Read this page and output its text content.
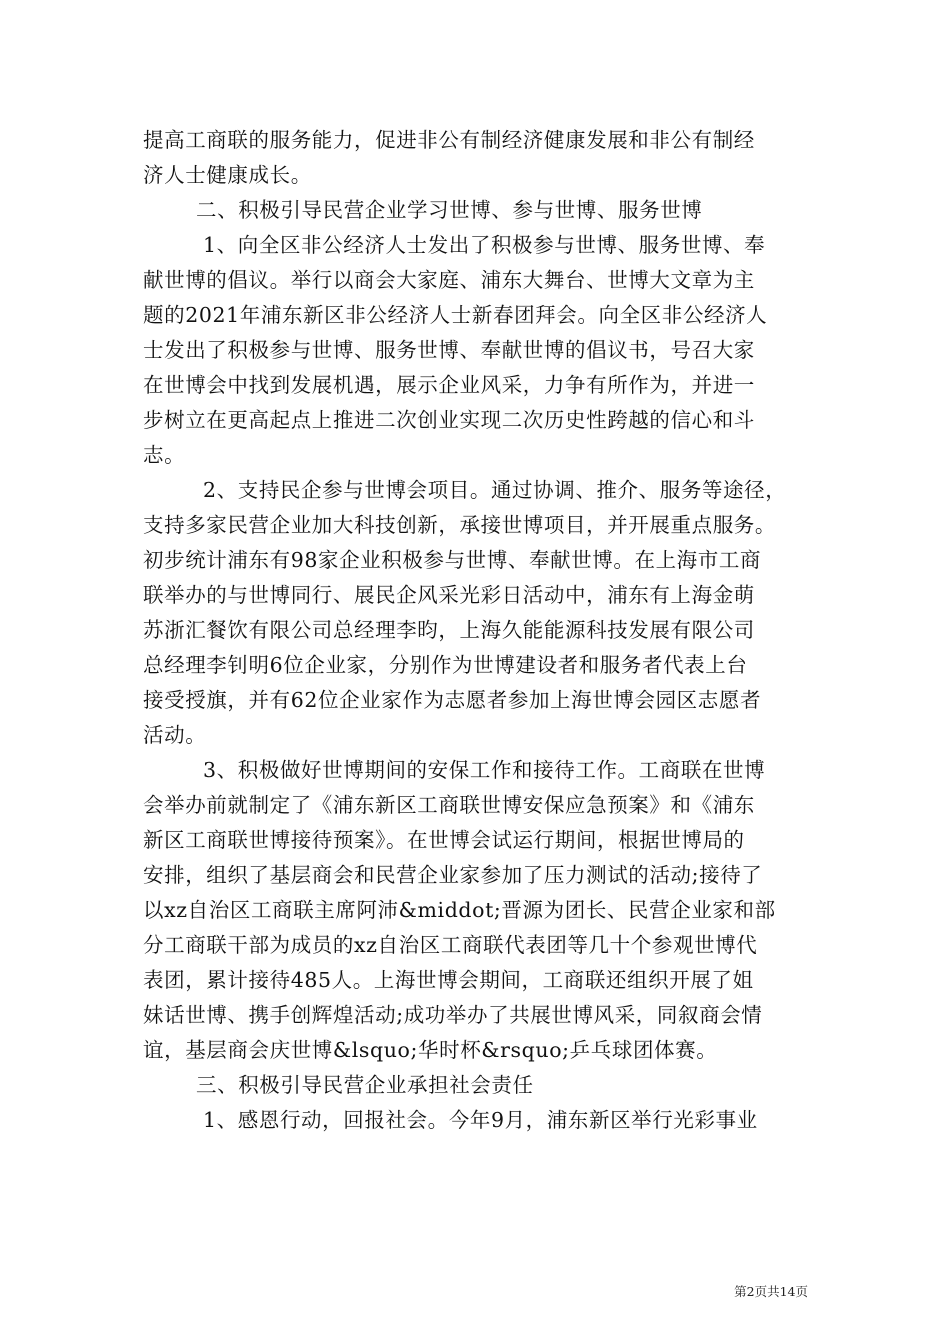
提高工商联的服务能力，促进非公有制经济健康发展和非公有制经
济人士健康成长。
二、积极引导民营企业学习世博、参与世博、服务世博
1、向全区非公经济人士发出了积极参与世博、服务世博、奉
献世博的倡议。举行以商会大家庭、浦东大舞台、世博大文章为主
题的2021年浦东新区非公经济人士新春团拜会。向全区非公经济人
士发出了积极参与世博、服务世博、奉献世博的倡议书，号召大家
在世博会中找到发展机遇，展示企业风采，力争有所作为，并进一
步树立在更高起点上推进二次创业实现二次历史性跨越的信心和斗
志。
2、支持民企参与世博会项目。通过协调、推介、服务等途径，
支持多家民营企业加大科技创新，承接世博项目，并开展重点服务。
初步统计浦东有98家企业积极参与世博、奉献世博。在上海市工商
联举办的与世博同行、展民企风采光彩日活动中，浦东有上海金萌
苏浙汇餐饮有限公司总经理李昀，上海久能能源科技发展有限公司
总经理李钊明6位企业家，分别作为世博建设者和服务者代表上台
接受授旗，并有62位企业家作为志愿者参加上海世博会园区志愿者
活动。
3、积极做好世博期间的安保工作和接待工作。工商联在世博
会举办前就制定了《浦东新区工商联世博安保应急预案》和《浦东
新区工商联世博接待预案》。在世博会试运行期间，根据世博局的
安排，组织了基层商会和民营企业家参加了压力测试的活动;接待了
以xz自治区工商联主席阿沛&middot;晋源为团长、民营企业家和部
分工商联干部为成员的xz自治区工商联代表团等几十个参观世博代
表团，累计接待485人。上海世博会期间，工商联还组织开展了姐
妹话世博、携手创辉煌活动;成功举办了共展世博风采，同叙商会情
谊，基层商会庆世博&lsquo;华时杯&rsquo;乒乓球团体赛。
三、积极引导民营企业承担社会责任
1、感恩行动，回报社会。今年9月，浦东新区举行光彩事业
第2页共14页
